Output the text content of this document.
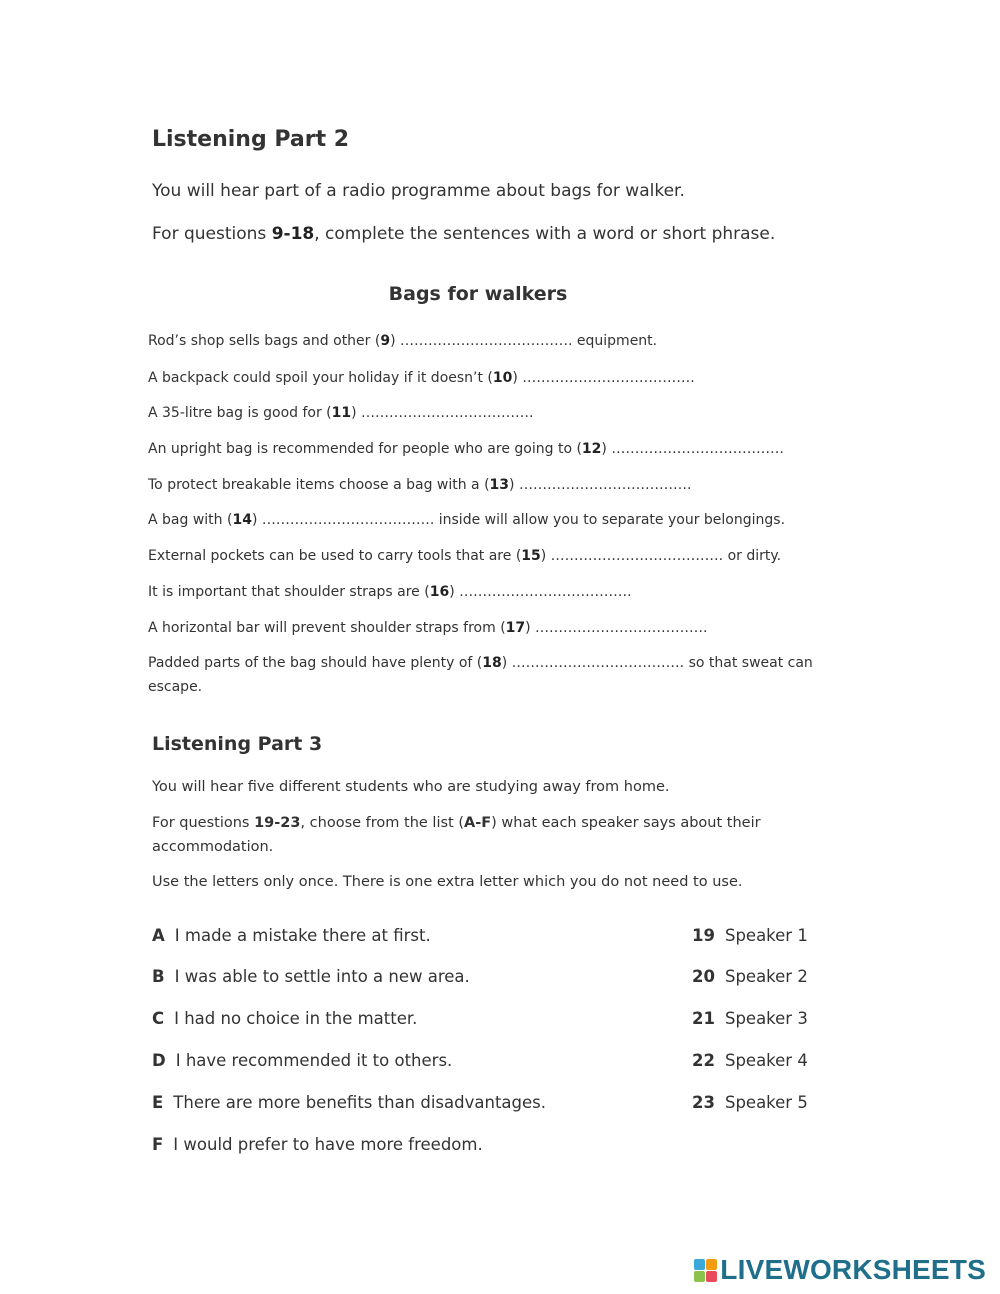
Listening Part 2
You will hear part of a radio programme about bags for walker.
For questions 9-18, complete the sentences with a word or short phrase.
Bags for walkers
Rod’s shop sells bags and other (9) ………………………………. equipment.
A backpack could spoil your holiday if it doesn’t (10) ……………………………….
A 35-litre bag is good for (11) ……………………………….
An upright bag is recommended for people who are going to (12) ……………………………….
To protect breakable items choose a bag with a (13) ……………………………….
A bag with (14) ………………………………. inside will allow you to separate your belongings.
External pockets can be used to carry tools that are (15) ………………………………. or dirty.
It is important that shoulder straps are (16) ……………………………….
A horizontal bar will prevent shoulder straps from (17) ……………………………….
Padded parts of the bag should have plenty of (18) ………………………………. so that sweat can
escape.
Listening Part 3
You will hear five different students who are studying away from home.
For questions 19-23, choose from the list (A-F) what each speaker says about their
accommodation.
Use the letters only once. There is one extra letter which you do not need to use.
A I made a mistake there at first.
B I was able to settle into a new area.
C I had no choice in the matter.
D I have recommended it to others.
E There are more benefits than disadvantages.
F I would prefer to have more freedom.
19 Speaker 1
20 Speaker 2
21 Speaker 3
22 Speaker 4
23 Speaker 5
LIVEWORKSHEETS
